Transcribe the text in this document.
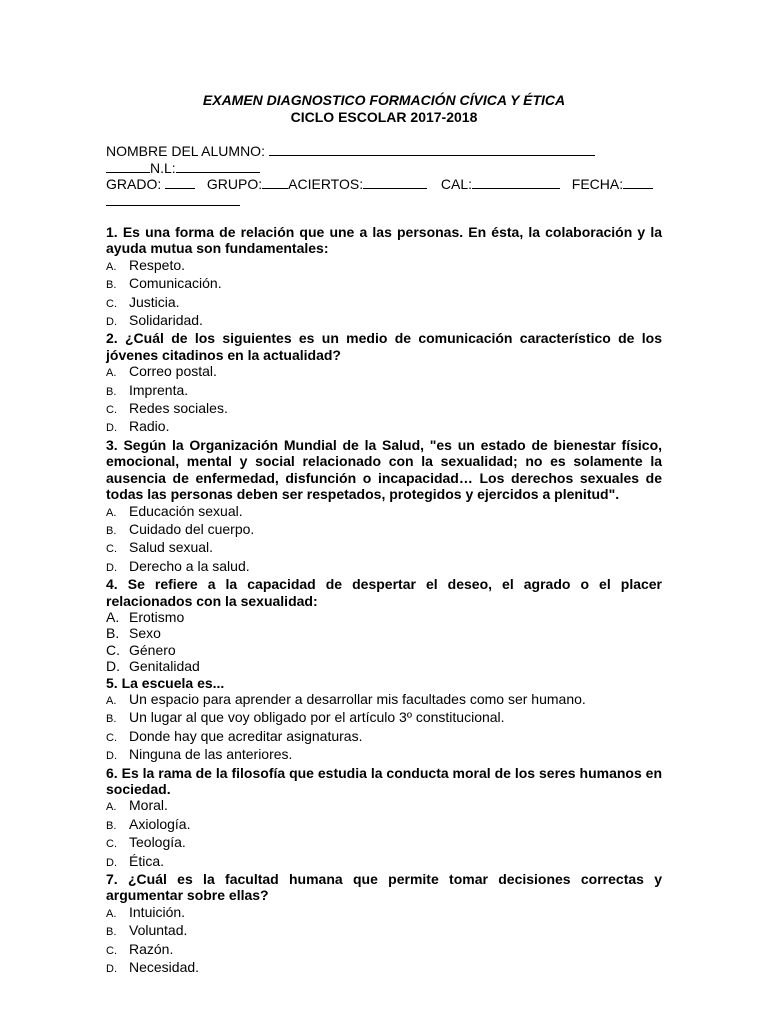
EXAMEN DIAGNOSTICO FORMACIÓN CÍVICA Y ÉTICA
CICLO ESCOLAR 2017-2018
NOMBRE DEL ALUMNO:
N.L:
GRADO:	GRUPO: ACIERTOS:	CAL:	FECHA:
1. Es una forma de relación que une a las personas. En ésta, la colaboración y la ayuda mutua son fundamentales:
A. Respeto.
B. Comunicación.
C. Justicia.
D. Solidaridad.
2. ¿Cuál de los siguientes es un medio de comunicación característico de los jóvenes citadinos en la actualidad?
A. Correo postal.
B. Imprenta.
C. Redes sociales.
D. Radio.
3. Según la Organización Mundial de la Salud, "es un estado de bienestar físico, emocional, mental y social relacionado con la sexualidad; no es solamente la ausencia de enfermedad, disfunción o incapacidad… Los derechos sexuales de todas las personas deben ser respetados, protegidos y ejercidos a plenitud".
A. Educación sexual.
B. Cuidado del cuerpo.
C. Salud sexual.
D. Derecho a la salud.
4. Se refiere a la capacidad de despertar el deseo, el agrado o el placer relacionados con la sexualidad:
A. Erotismo
B. Sexo
C. Género
D. Genitalidad
5. La escuela es...
A. Un espacio para aprender a desarrollar mis facultades como ser humano.
B. Un lugar al que voy obligado por el artículo 3º constitucional.
C. Donde hay que acreditar asignaturas.
D. Ninguna de las anteriores.
6. Es la rama de la filosofía que estudia la conducta moral de los seres humanos en sociedad.
A. Moral.
B. Axiología.
C. Teología.
D. Ética.
7. ¿Cuál es la facultad humana que permite tomar decisiones correctas y argumentar sobre ellas?
A. Intuición.
B. Voluntad.
C. Razón.
D. Necesidad.
